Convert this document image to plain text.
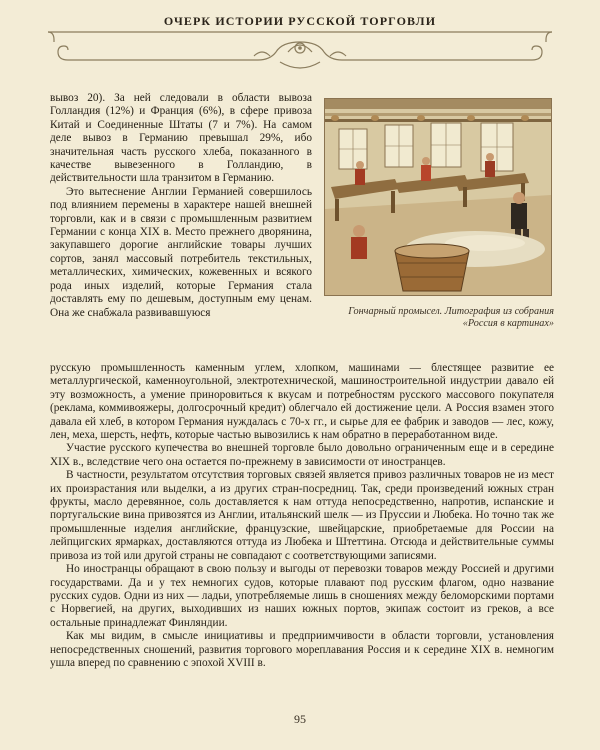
ОЧЕРК ИСТОРИИ РУССКОЙ ТОРГОВЛИ

вывоз 20). За ней следовали в области вывоза Голландия (12%) и Франция (6%), в сфере привоза Китай и Соединенные Штаты (7 и 7%). На самом деле вывоз в Германию превышал 29%, ибо значительная часть русского хлеба, показанного в качестве вывезенного в Голландию, в действительности шла транзитом в Германию.

Это вытеснение Англии Германией совершилось под влиянием перемены в характере нашей внешней торговли, как и в связи с промышленным развитием Германии с конца XIX в. Место прежнего дворянина, закупавшего дорогие английские товары лучших сортов, занял массовый потребитель текстильных, металлических, химических, кожевенных и всякого рода иных изделий, которые Германия стала доставлять ему по дешевым, доступным ему ценам. Она же снабжала развивавшуюся	Гончарный промысел. Литография из собрания
«Россия в картинах»

русскую промышленность каменным углем, хлопком, машинами — блестящее развитие ее металлургической, каменноугольной, электротехнической, машиностроительной индустрии давало ей эту возможность, а умение приноровиться к вкусам и потребностям русского массового покупателя (реклама, коммивояжеры, долгосрочный кредит) облегчало ей достижение цели. А Россия взамен этого давала ей хлеб, в котором Германия нуждалась с 70-х гг., и сырье для ее фабрик и заводов — лес, кожу, лен, меха, шерсть, нефть, которые частью вывозились к нам обратно в переработанном виде.

Участие русского купечества во внешней торговле было довольно ограниченным еще и в середине XIX в., вследствие чего она остается по-прежнему в зависимости от иностранцев.

В частности, результатом отсутствия торговых связей является привоз различных товаров не из мест их произрастания или выделки, а из других стран-посредниц. Так, среди произведений южных стран фрукты, масло деревянное, соль доставляется к нам оттуда непосредственно, напротив, испанские и португальские вина привозятся из Англии, итальянский шелк — из Пруссии и Любека. Но точно так же промышленные изделия английские, французские, швейцарские, приобретаемые для России на лейпцигских ярмарках, доставляются оттуда из Любека и Штеттина. Отсюда и действительные суммы привоза из той или другой страны не совпадают с соответствующими записями.

Но иностранцы обращают в свою пользу и выгоды от перевозки товаров между Россией и другими государствами. Да и у тех немногих судов, которые плавают под русским флагом, одно название русских судов. Одни из них — ладьи, употребляемые лишь в сношениях между беломорскими портами с Норвегией, на других, выходивших из наших южных портов, экипаж состоит из греков, а все остальные принадлежат Финляндии.

Как мы видим, в смысле инициативы и предприимчивости в области торговли, установления непосредственных сношений, развития торгового мореплавания Россия и к середине XIX в. немногим ушла вперед по сравнению с эпохой XVIII в.

95
